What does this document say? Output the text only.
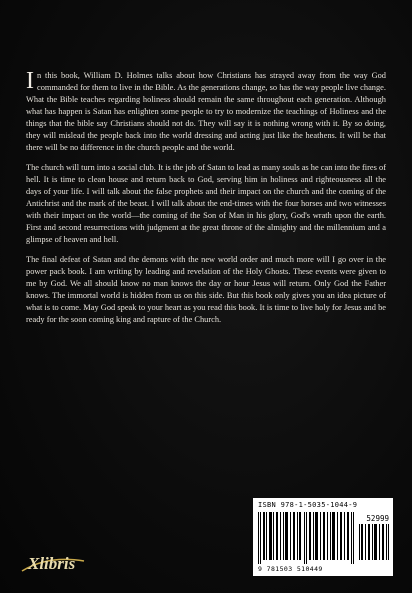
In this book, William D. Holmes talks about how Christians has strayed away from the way God commanded for them to live in the Bible. As the generations change, so has the way people live change. What the Bible teaches regarding holiness should remain the same throughout each generation. Although what has happen is Satan has enlighten some people to try to modernize the teachings of Holiness and the things that the bible say Christians should not do. They will say it is nothing wrong with it. By so doing, they will mislead the people back into the world dressing and acting just like the heathens. It will be that there will be no difference in the church people and the world.

The church will turn into a social club. It is the job of Satan to lead as many souls as he can into the fires of hell. It is time to clean house and return back to God, serving him in holiness and righteousness all the days of your life. I will talk about the false prophets and their impact on the church and the coming of the Antichrist and the mark of the beast. I will talk about the end-times with the four horses and two witnesses with their impact on the world—the coming of the Son of Man in his glory, God's wrath upon the earth. First and second resurrections with judgment at the great throne of the almighty and the millennium and a glimpse of heaven and hell.

The final defeat of Satan and the demons with the new world order and much more will I go over in the power pack book. I am writing by leading and revelation of the Holy Ghosts. These events were given to me by God. We all should know no man knows the day or hour Jesus will return. Only God the Father knows. The immortal world is hidden from us on this side. But this book only gives you an idea picture of what is to come. May God speak to your heart as you read this book. It is time to live holy for Jesus and be ready for the soon coming king and rapture of the Church.

ISBN 978-1-5035-1044-9
52999
9 781503 510449
Xlibris
